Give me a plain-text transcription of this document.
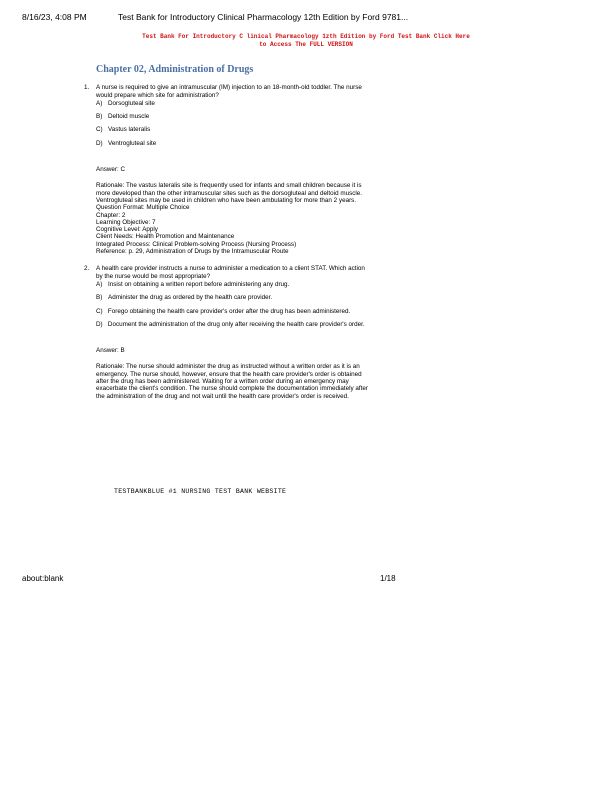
8/16/23, 4:08 PM	Test Bank for Introductory Clinical Pharmacology 12th Edition by Ford 9781...
Test Bank For Introductory C linical Pharmacology 1zth Edition by Ford Test Bank Click Here
to Access The FULL VERSION
Chapter 02, Administration of Drugs
1. A nurse is required to give an intramuscular (IM) injection to an 18-month-old toddler. The nurse would prepare which site for administration?

A) Dorsogluteal site
B) Deltoid muscle
C) Vastus lateralis
D) Ventrogluteal site

Answer: C

Rationale: The vastus lateralis site is frequently used for infants and small children because it is more developed than the other intramuscular sites such as the dorsogluteal and deltoid muscle. Ventrogluteal sites may be used in children who have been ambulating for more than 2 years.

Question Format: Multiple Choice

Chapter: 2

Learning Objective: 7

Cognitive Level: Apply

Client Needs: Health Promotion and Maintenance

Integrated Process: Clinical Problem-solving Process (Nursing Process)

Reference: p. 29, Administration of Drugs by the Intramuscular Route

2. A health care provider instructs a nurse to administer a medication to a client STAT. Which action by the nurse would be most appropriate?

A) Insist on obtaining a written report before administering any drug.
B) Administer the drug as ordered by the health care provider.
C) Forego obtaining the health care provider's order after the drug has been administered.
D) Document the administration of the drug only after receiving the health care provider's order.

Answer: B

Rationale: The nurse should administer the drug as instructed without a written order as it is an emergency. The nurse should, however, ensure that the health care provider's order is obtained after the drug has been administered. Waiting for a written order during an emergency may exacerbate the client's condition. The nurse should complete the documentation immediately after the administration of the drug and not wait until the health care provider's order is received.

TESTBANKBLUE #1 NURSING TEST BANK WEBSITE
about:blank	1/18
